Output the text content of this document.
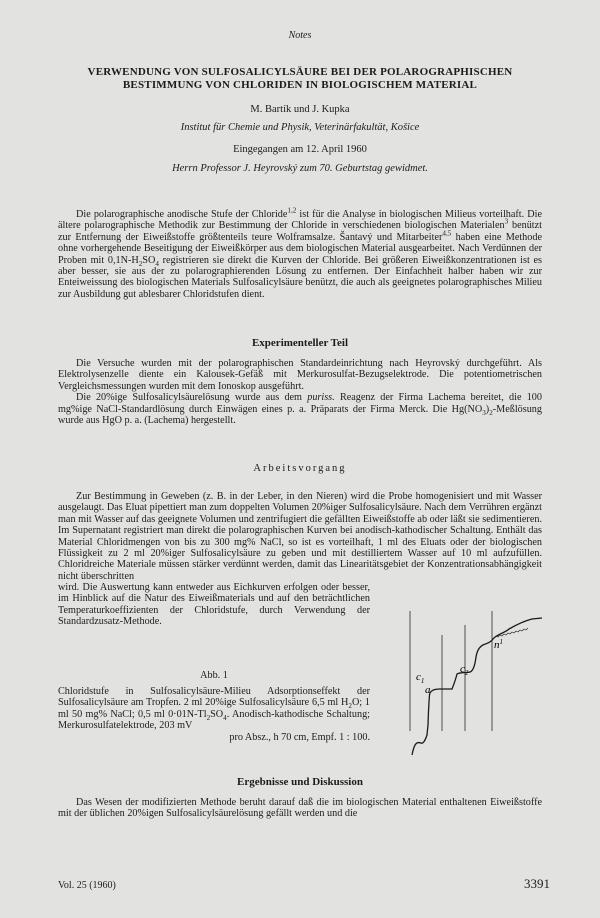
Notes
VERWENDUNG VON SULFOSALICYLSÄURE BEI DER POLAROGRAPHISCHEN
BESTIMMUNG VON CHLORIDEN IN BIOLOGISCHEM MATERIAL
M. Bartík und J. Kupka
Institut für Chemie und Physik, Veterinärfakultät, Košice
Eingegangen am 12. April 1960
Herrn Professor J. Heyrovský zum 70. Geburtstag gewidmet.

Die polarographische anodische Stufe der Chloride$^{1,2}$ ist für die Analyse in biologischen Milieus vorteilhaft. Die ältere polarographische Methodik zur Bestimmung der Chloride in verschiedenen biologischen Materialen$^3$ benützt zur Entfernung der Eiweißstoffe größtenteils teure Wolframsalze. Šantavý und Mitarbeiter$^{4,5}$ haben eine Methode ohne vorhergehende Beseitigung der Eiweißkörper aus dem biologischen Material ausgearbeitet. Nach Verdünnen der Proben mit $0,1N-H_2SO_4$ registrieren sie direkt die Kurven der Chloride. Bei größeren Eiweißkonzentrationen ist es aber besser, sie aus der zu polarographierenden Lösung zu entfernen. Der Einfachheit halber haben wir zur Enteiweissung des biologischen Materials Sulfosalicylsäure benützt, die auch als geeignetes polarographisches Milieu zur Ausbildung gut ablesbarer Chloridstufen dient.

Experimenteller Teil

Die Versuche wurden mit der polarographischen Standardeinrichtung nach Heyrovský durchgeführt. Als Elektrolysenzelle diente ein Kalousek-Gefäß mit Merkurosulfat-Bezugselektrode. Die potentiometrischen Vergleichsmessungen wurden mit dem Ionoskop ausgeführt.

Die 20%ige Sulfosalicylsäurelösung wurde aus dem puriss. Reagenz der Firma Lachema bereitet, die 100 mg%ige NaCl-Standardlösung durch Einwägen eines p. a. Präparats der Firma Merck. Die $Hg(NO_3)_2$-Meßlösung wurde aus HgO p. a. (Lachema) hergestellt.

Arbeitsvorgang

Zur Bestimmung in Geweben (z. B. in der Leber, in den Nieren) wird die Probe homogenisiert und mit Wasser ausgelaugt. Das Eluat pipettiert man zum doppelten Volumen 20%iger Sulfosalicylsäure. Nach dem Verrühren ergänzt man mit Wasser auf das geeignete Volumen und zentrifugiert die gefällten Eiweißstoffe ab oder läßt sie sedimentieren. Im Supernatant registriert man direkt die polarographischen Kurven bei anodisch-kathodischer Schaltung. Enthält das Material Chloridmengen von bis zu 300 mg% NaCl, so ist es vorteilhaft, 1 ml des Eluats oder der biologischen Flüssigkeit zu 2 ml 20%iger Sulfosalicylsäure zu geben und mit destilliertem Wasser auf 10 ml aufzufüllen. Chloridreiche Materiale müssen stärker verdünnt werden, damit das Linearitätsgebiet der Konzentrationsabhängigkeit nicht überschritten

wird. Die Auswertung kann entweder aus Eichkurven erfolgen oder besser, im Hinblick auf die Natur des Eiweißmaterials und auf den beträchtlichen Temperaturkoeffizienten der Chloridstufe, durch Verwendung der Standardzusatz-Methode.

Abb. 1
Chloridstufe in Sulfosalicylsäure-Milieu Adsorptionseffekt der Sulfosalicylsäure am Tropfen. 2 ml 20%ige Sulfosalicylsäure 6,5 ml $H_2O$; 1 ml 50 mg% NaCl; 0,5 ml $0\cdot 01N-Tl_2SO_4$. Anodisch-kathodische Schaltung; Merkurosulfatelektrode, 203 mV
pro Absz., h 70 cm, Empf. 1 : 100.
$c_1$
a
$c_2$
$n^1$
Ergebnisse und Diskussion

Das Wesen der modifizierten Methode beruht darauf daß die im biologischen Material enthaltenen Eiweißstoffe mit der üblichen 20%igen Sulfosalicylsäurelösung gefällt werden und die

Vol. 25 (1960)	3391
